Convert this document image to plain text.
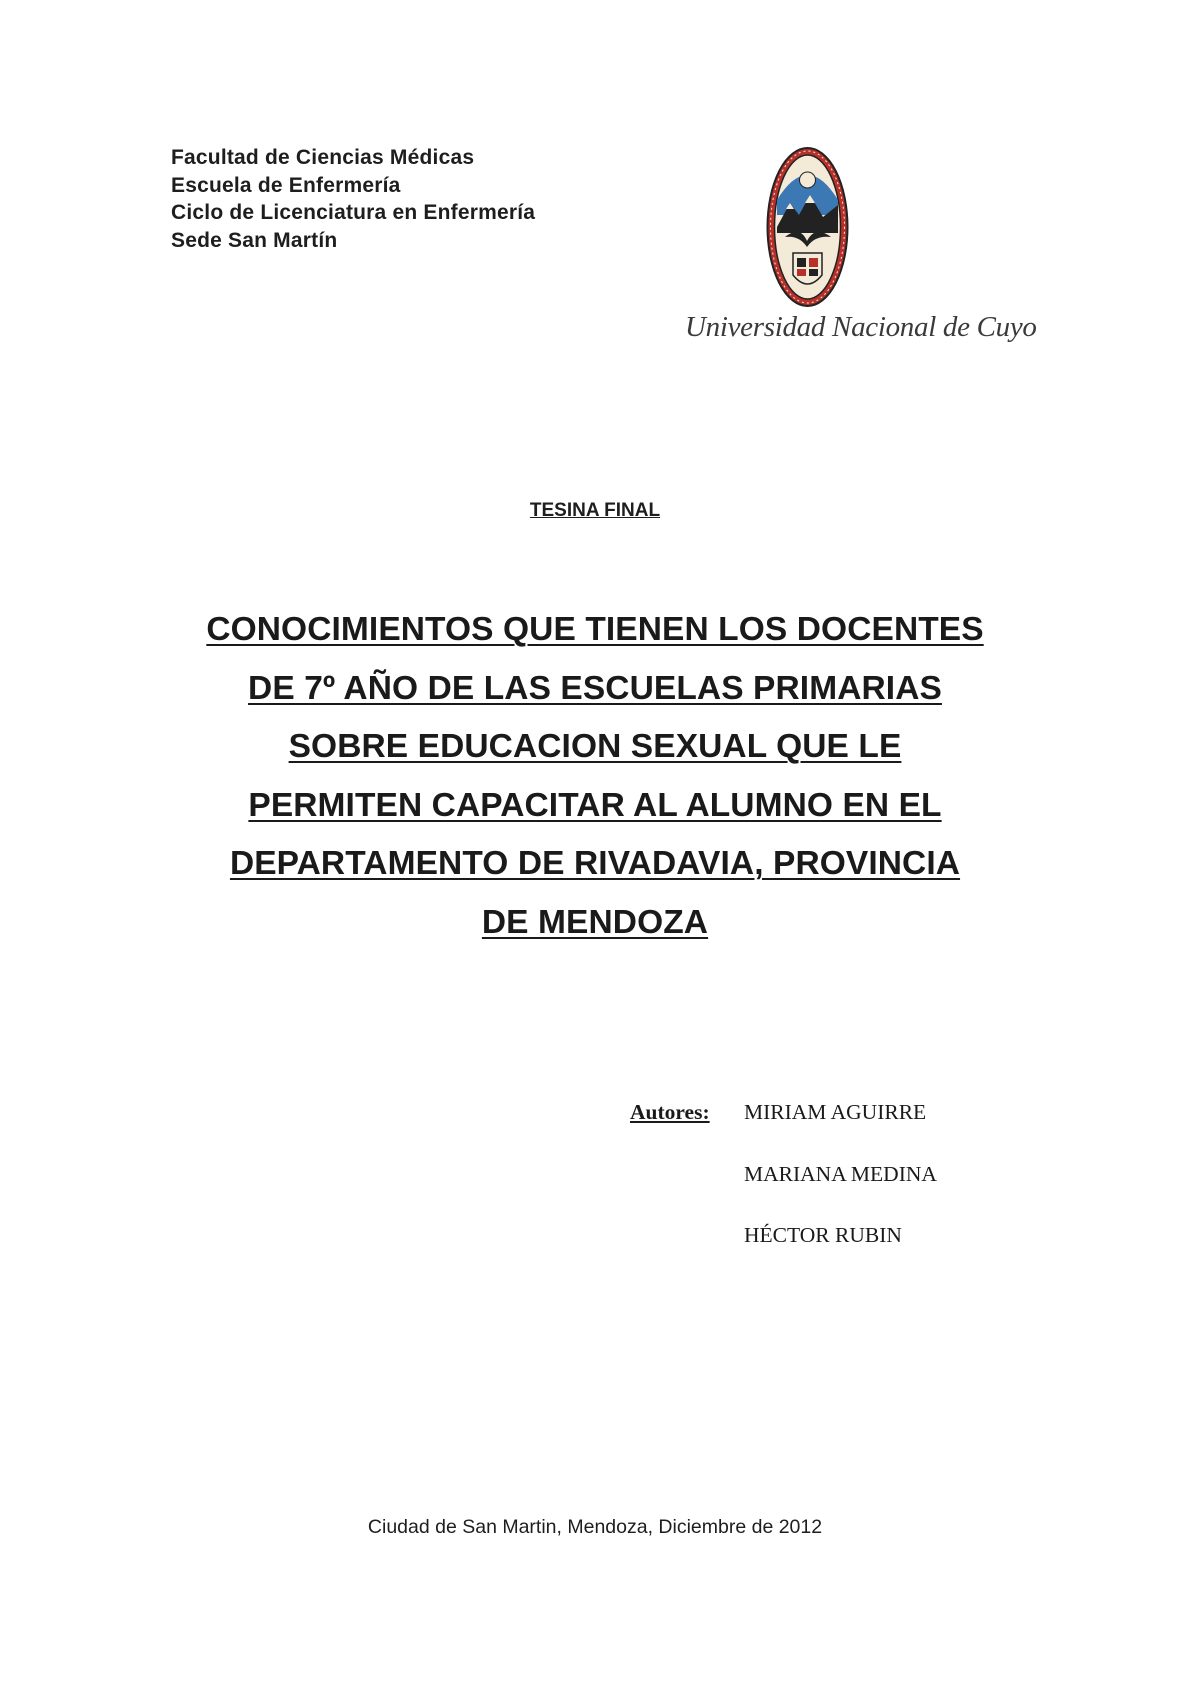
Facultad de Ciencias Médicas
Escuela de Enfermería
Ciclo de Licenciatura en Enfermería
Sede San Martín
Universidad Nacional de Cuyo
TESINA FINAL
CONOCIMIENTOS QUE TIENEN LOS DOCENTES
DE 7º AÑO DE LAS ESCUELAS PRIMARIAS
SOBRE EDUCACION SEXUAL QUE LE
PERMITEN CAPACITAR AL ALUMNO EN EL
DEPARTAMENTO DE RIVADAVIA, PROVINCIA
DE MENDOZA
Autores: MIRIAM AGUIRRE
MARIANA MEDINA
HÉCTOR RUBIN
Ciudad de San Martin, Mendoza, Diciembre de 2012
